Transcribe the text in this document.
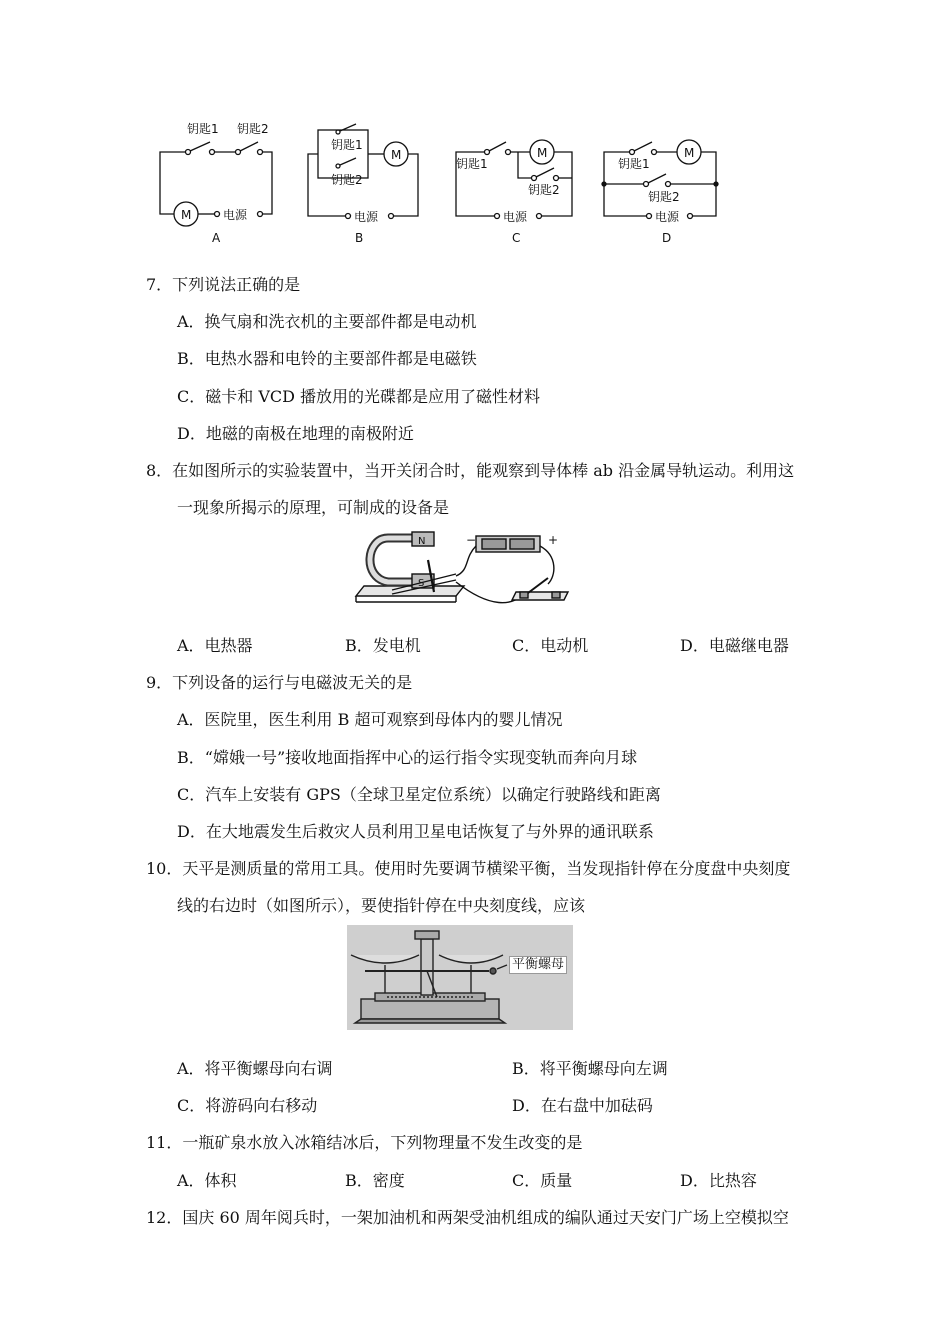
钥匙1 钥匙2
M	电源
A
钥匙1
钥匙2
M
电源
B
钥匙1
M
钥匙2
电源
C
钥匙1
M
钥匙2
电源
D
7．下列说法正确的是
A．换气扇和洗衣机的主要部件都是电动机
B．电热水器和电铃的主要部件都是电磁铁
C．磁卡和 VCD 播放用的光碟都是应用了磁性材料
D．地磁的南极在地理的南极附近
8．在如图所示的实验装置中，当开关闭合时，能观察到导体棒 ab 沿金属导轨运动。利用这
一现象所揭示的原理，可制成的设备是
N
S
−	+
A．电热器	B．发电机	C．电动机	D．电磁继电器
9．下列设备的运行与电磁波无关的是
A．医院里，医生利用 B 超可观察到母体内的婴儿情况
B．“嫦娥一号”接收地面指挥中心的运行指令实现变轨而奔向月球
C．汽车上安装有 GPS（全球卫星定位系统）以确定行驶路线和距离
D．在大地震发生后救灾人员利用卫星电话恢复了与外界的通讯联系
10．天平是测质量的常用工具。使用时先要调节横梁平衡，当发现指针停在分度盘中央刻度
线的右边时（如图所示），要使指针停在中央刻度线，应该
平衡螺母
A．将平衡螺母向右调	B．将平衡螺母向左调
C．将游码向右移动	D．在右盘中加砝码
11．一瓶矿泉水放入冰箱结冰后，下列物理量不发生改变的是
A．体积	B．密度	C．质量	D．比热容
12．国庆 60 周年阅兵时，一架加油机和两架受油机组成的编队通过天安门广场上空模拟空
